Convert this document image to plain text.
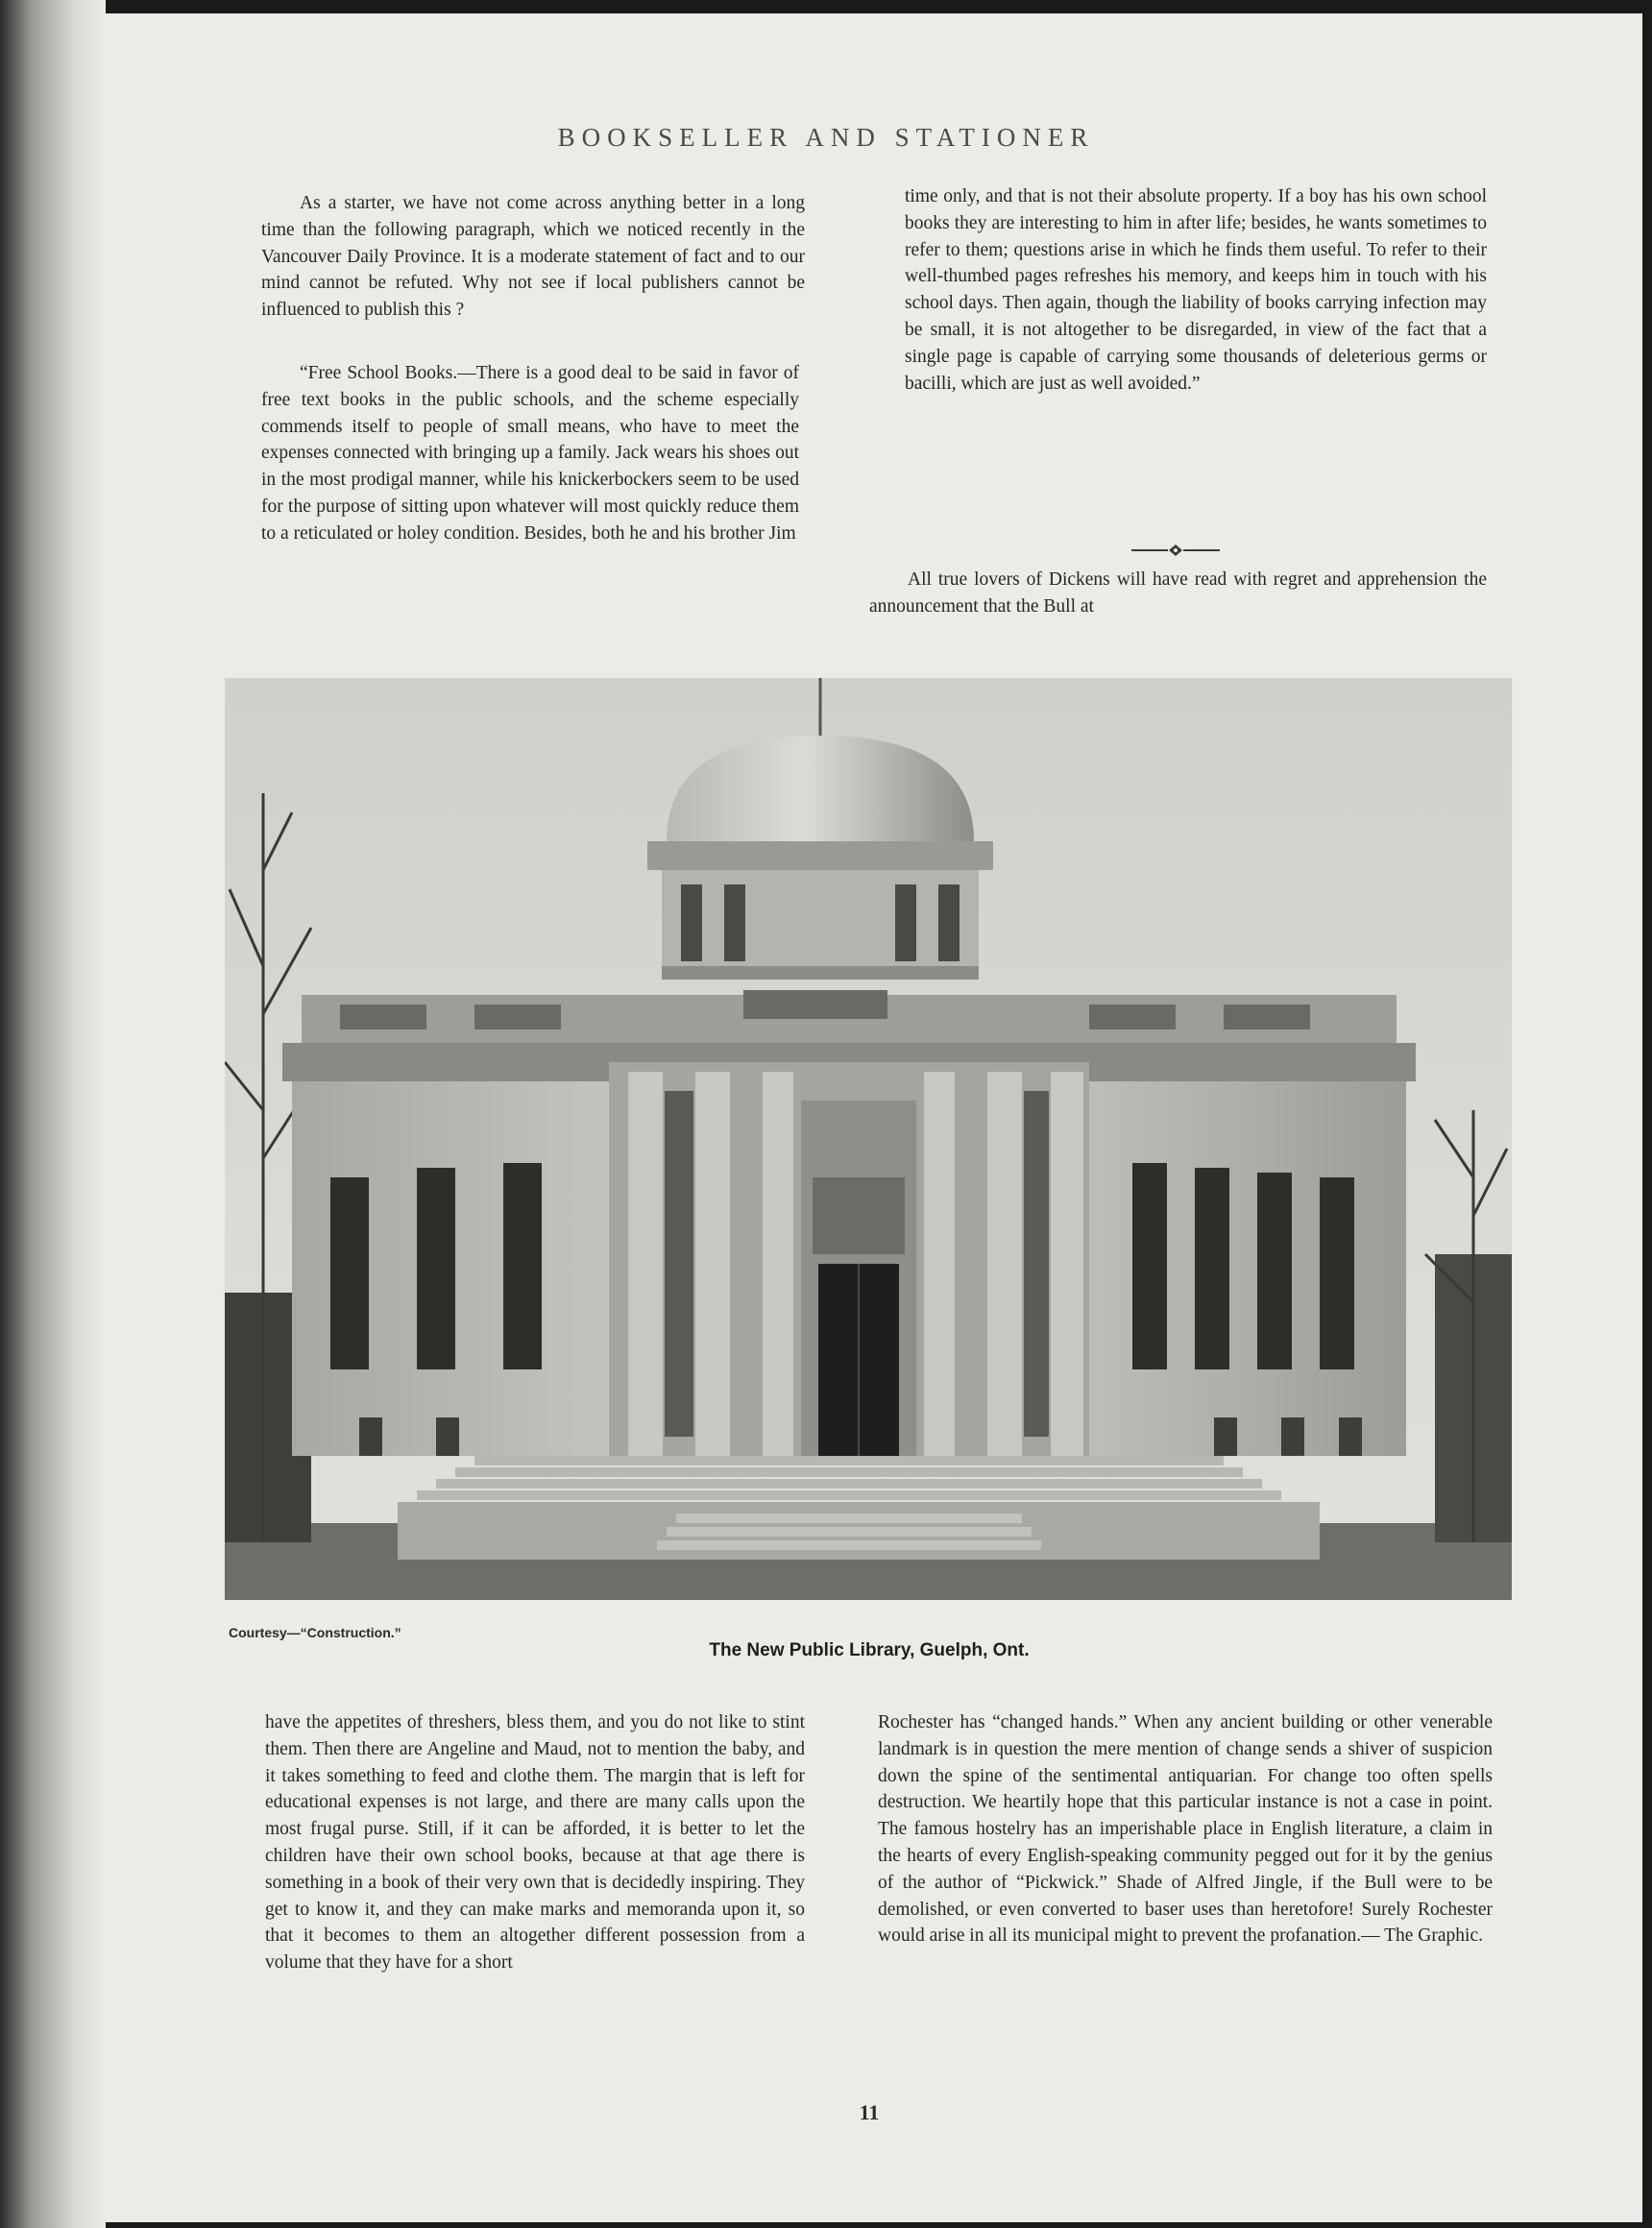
BOOKSELLER AND STATIONER

As a starter, we have not come across anything better in a long time than the following paragraph, which we noticed recently in the Vancouver Daily Province. It is a moderate statement of fact and to our mind cannot be refuted. Why not see if local publishers cannot be influenced to publish this ?

“Free School Books.—There is a good deal to be said in favor of free text books in the public schools, and the scheme especially commends itself to people of small means, who have to meet the expenses connected with bringing up a family. Jack wears his shoes out in the most prodigal manner, while his knickerbockers seem to be used for the purpose of sitting upon whatever will most quickly reduce them to a reticulated or holey condition. Besides, both he and his brother Jim

time only, and that is not their absolute property. If a boy has his own school books they are interesting to him in after life; besides, he wants sometimes to refer to them; questions arise in which he finds them useful. To refer to their well-thumbed pages refreshes his memory, and keeps him in touch with his school days. Then again, though the liability of books carrying infection may be small, it is not altogether to be disregarded, in view of the fact that a single page is capable of carrying some thousands of deleterious germs or bacilli, which are just as well avoided.”

All true lovers of Dickens will have read with regret and apprehension the announcement that the Bull at

Courtesy—“Construction.”
The New Public Library, Guelph, Ont.

have the appetites of threshers, bless them, and you do not like to stint them. Then there are Angeline and Maud, not to mention the baby, and it takes something to feed and clothe them. The margin that is left for educational expenses is not large, and there are many calls upon the most frugal purse. Still, if it can be afforded, it is better to let the children have their own school books, because at that age there is something in a book of their very own that is decidedly inspiring. They get to know it, and they can make marks and memoranda upon it, so that it becomes to them an altogether different possession from a volume that they have for a short

Rochester has “changed hands.” When any ancient building or other venerable landmark is in question the mere mention of change sends a shiver of suspicion down the spine of the sentimental antiquarian. For change too often spells destruction. We heartily hope that this particular instance is not a case in point. The famous hostelry has an imperishable place in English literature, a claim in the hearts of every English-speaking community pegged out for it by the genius of the author of “Pickwick.” Shade of Alfred Jingle, if the Bull were to be demolished, or even converted to baser uses than heretofore! Surely Rochester would arise in all its municipal might to prevent the profanation.— The Graphic.

11
